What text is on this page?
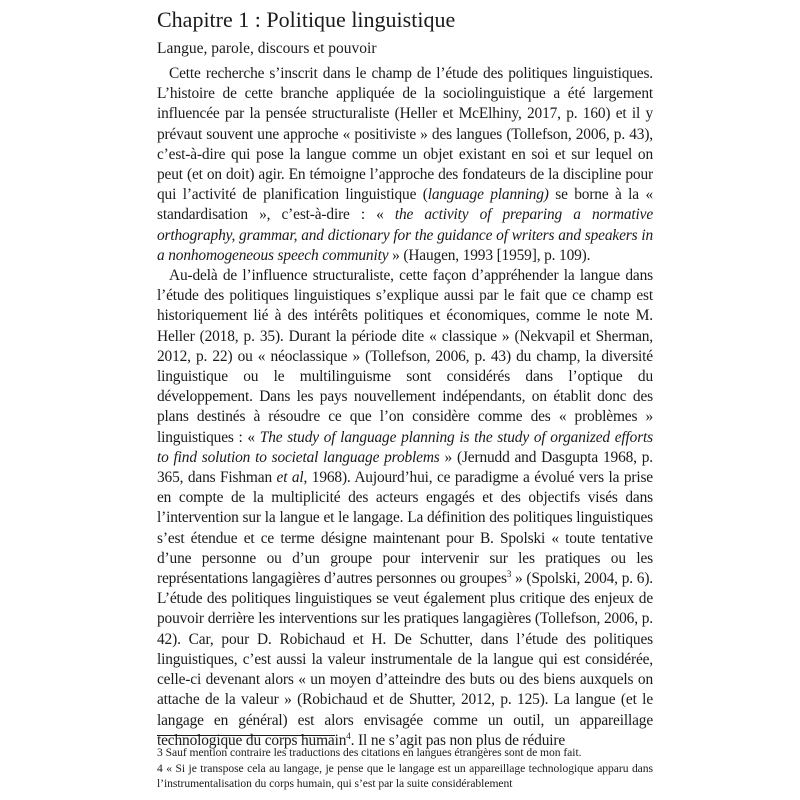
Chapitre 1 : Politique linguistique
Langue, parole, discours et pouvoir

Cette recherche s’inscrit dans le champ de l’étude des politiques linguistiques. L’histoire de cette branche appliquée de la sociolinguistique a été largement influencée par la pensée structuraliste (Heller et McElhiny, 2017, p. 160) et il y prévaut souvent une approche « positiviste » des langues (Tollefson, 2006, p. 43), c’est-à-dire qui pose la langue comme un objet existant en soi et sur lequel on peut (et on doit) agir. En témoigne l’approche des fondateurs de la discipline pour qui l’activité de planification linguistique (language planning) se borne à la « standardisation », c’est-à-dire : « the activity of preparing a normative orthography, grammar, and dictionary for the guidance of writers and speakers in a nonhomogeneous speech community » (Haugen, 1993 [1959], p. 109).

Au-delà de l’influence structuraliste, cette façon d’appréhender la langue dans l’étude des politiques linguistiques s’explique aussi par le fait que ce champ est historiquement lié à des intérêts politiques et économiques, comme le note M. Heller (2018, p. 35). Durant la période dite « classique » (Nekvapil et Sherman, 2012, p. 22) ou « néoclassique » (Tollefson, 2006, p. 43) du champ, la diversité linguistique ou le multilinguisme sont considérés dans l’optique du développement. Dans les pays nouvellement indépendants, on établit donc des plans destinés à résoudre ce que l’on considère comme des « problèmes » linguistiques : « The study of language planning is the study of organized efforts to find solution to societal language problems » (Jernudd and Dasgupta 1968, p. 365, dans Fishman et al, 1968). Aujourd’hui, ce paradigme a évolué vers la prise en compte de la multiplicité des acteurs engagés et des objectifs visés dans l’intervention sur la langue et le langage. La définition des politiques linguistiques s’est étendue et ce terme désigne maintenant pour B. Spolski « toute tentative d’une personne ou d’un groupe pour intervenir sur les pratiques ou les représentations langagières d’autres personnes ou groupes$^3$ » (Spolski, 2004, p. 6). L’étude des politiques linguistiques se veut également plus critique des enjeux de pouvoir derrière les interventions sur les pratiques langagières (Tollefson, 2006, p. 42). Car, pour D. Robichaud et H. De Schutter, dans l’étude des politiques linguistiques, c’est aussi la valeur instrumentale de la langue qui est considérée, celle-ci devenant alors « un moyen d’atteindre des buts ou des biens auxquels on attache de la valeur » (Robichaud et de Shutter, 2012, p. 125). La langue (et le langage en général) est alors envisagée comme un outil, un appareillage technologique du corps humain$^4$. Il ne s’agit pas non plus de réduire

3 Sauf mention contraire les traductions des citations en langues étrangères sont de mon fait.

4 « Si je transpose cela au langage, je pense que le langage est un appareillage technologique apparu dans l’instrumentalisation du corps humain, qui s’est par la suite considérablement
